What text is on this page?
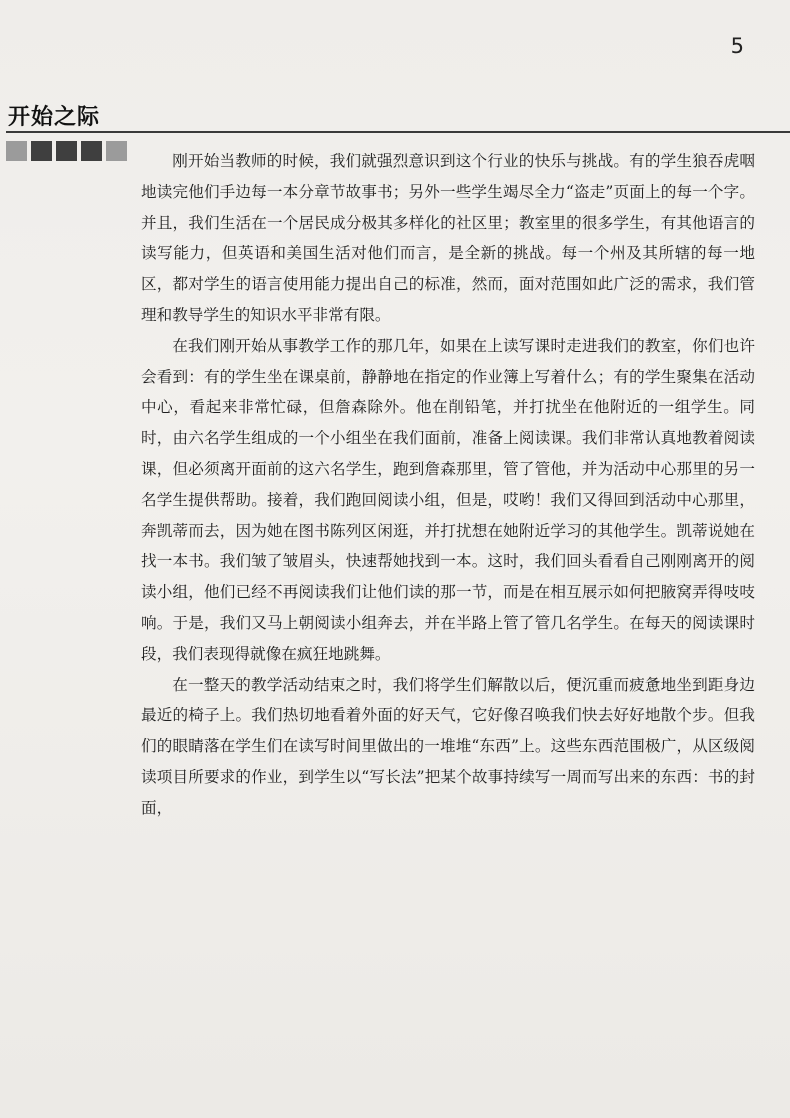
5
开始之际

刚开始当教师的时候，我们就强烈意识到这个行业的快乐与挑战。有的学生狼吞虎咽地读完他们手边每一本分章节故事书；另外一些学生竭尽全力“盗走”页面上的每一个字。并且，我们生活在一个居民成分极其多样化的社区里；教室里的很多学生，有其他语言的读写能力，但英语和美国生活对他们而言，是全新的挑战。每一个州及其所辖的每一地区，都对学生的语言使用能力提出自己的标准，然而，面对范围如此广泛的需求，我们管理和教导学生的知识水平非常有限。

在我们刚开始从事教学工作的那几年，如果在上读写课时走进我们的教室，你们也许会看到：有的学生坐在课桌前，静静地在指定的作业簿上写着什么；有的学生聚集在活动中心，看起来非常忙碌，但詹森除外。他在削铅笔，并打扰坐在他附近的一组学生。同时，由六名学生组成的一个小组坐在我们面前，准备上阅读课。我们非常认真地教着阅读课，但必须离开面前的这六名学生，跑到詹森那里，管了管他，并为活动中心那里的另一名学生提供帮助。接着，我们跑回阅读小组，但是，哎哟！我们又得回到活动中心那里，奔凯蒂而去，因为她在图书陈列区闲逛，并打扰想在她附近学习的其他学生。凯蒂说她在找一本书。我们皱了皱眉头，快速帮她找到一本。这时，我们回头看看自己刚刚离开的阅读小组，他们已经不再阅读我们让他们读的那一节，而是在相互展示如何把腋窝弄得吱吱响。于是，我们又马上朝阅读小组奔去，并在半路上管了管几名学生。在每天的阅读课时段，我们表现得就像在疯狂地跳舞。

在一整天的教学活动结束之时，我们将学生们解散以后，便沉重而疲惫地坐到距身边最近的椅子上。我们热切地看着外面的好天气，它好像召唤我们快去好好地散个步。但我们的眼睛落在学生们在读写时间里做出的一堆堆“东西”上。这些东西范围极广，从区级阅读项目所要求的作业，到学生以“写长法”把某个故事持续写一周而写出来的东西：书的封面，
